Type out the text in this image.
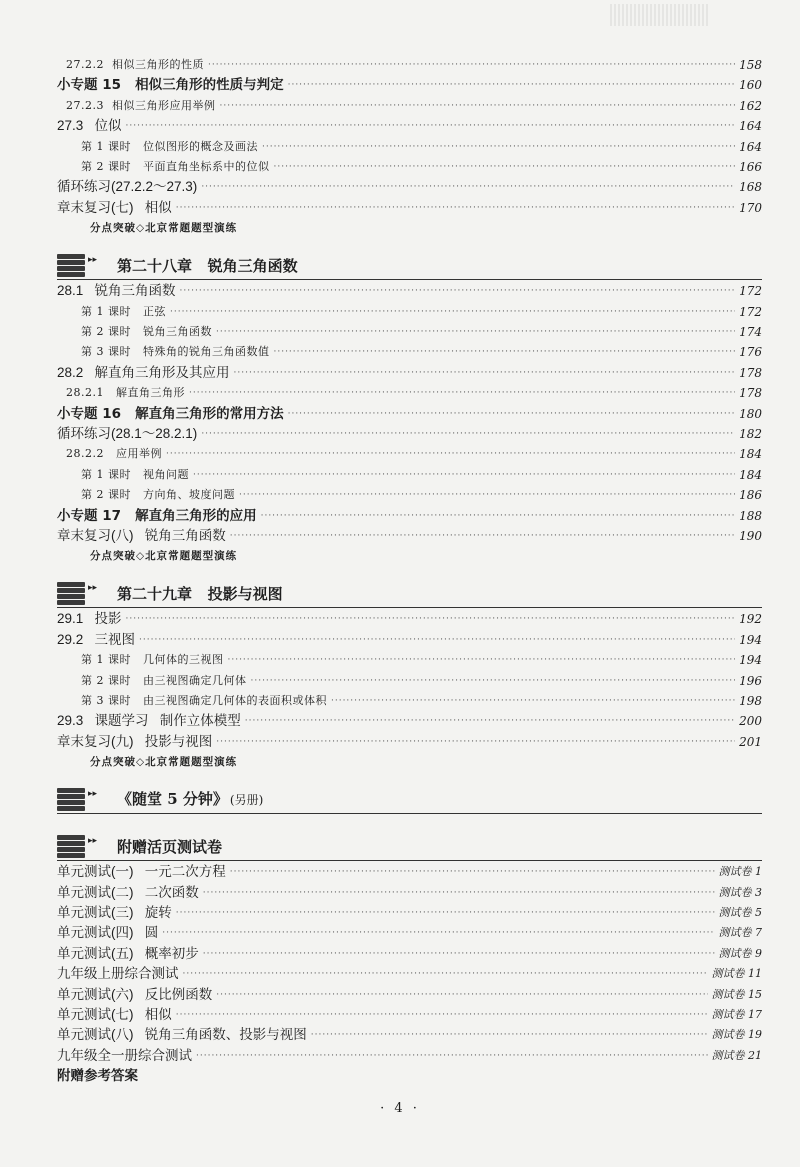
· 4 ·
27.2.2  相似三角形的性质 ·····	158
小专题 15   相似三角形的性质与判定 ·····	160
27.2.3  相似三角形应用举例 ·····	162
27.3   位似 ·····	164
第 1 课时   位似图形的概念及画法 ·····	164
第 2 课时   平面直角坐标系中的位似 ·····	166
循环练习(27.2.2～27.3) ·····	168
章末复习(七)   相似 ·····	170
分点突破◇北京常题题型演练
▸▸ 第二十八章   锐角三角函数
28.1   锐角三角函数 ·····	172
第 1 课时   正弦 ·····	172
第 2 课时   锐角三角函数 ·····	174
第 3 课时   特殊角的锐角三角函数值 ·····	176
28.2   解直角三角形及其应用 ·····	178
28.2.1   解直角三角形 ·····	178
小专题 16   解直角三角形的常用方法 ·····	180
循环练习(28.1～28.2.1) ·····	182
28.2.2   应用举例 ·····	184
第 1 课时   视角问题 ·····	184
第 2 课时   方向角、坡度问题 ·····	186
小专题 17   解直角三角形的应用 ·····	188
章末复习(八)   锐角三角函数 ·····	190
分点突破◇北京常题题型演练
▸▸ 第二十九章   投影与视图
29.1   投影 ·····	192
29.2   三视图 ·····	194
第 1 课时   几何体的三视图 ·····	194
第 2 课时   由三视图确定几何体 ·····	196
第 3 课时   由三视图确定几何体的表面积或体积 ·····	198
29.3   课题学习   制作立体模型 ·····	200
章末复习(九)   投影与视图 ·····	201
分点突破◇北京常题题型演练
▸▸ 《随堂 5 分钟》 (另册)
▸▸ 附赠活页测试卷
单元测试(一)   一元二次方程 ·····	测试卷 1
单元测试(二)   二次函数 ·····	测试卷 3
单元测试(三)   旋转 ·····	测试卷 5
单元测试(四)   圆 ·····	测试卷 7
单元测试(五)   概率初步 ·····	测试卷 9
九年级上册综合测试 ·····	测试卷 11
单元测试(六)   反比例函数 ·····	测试卷 15
单元测试(七)   相似 ·····	测试卷 17
单元测试(八)   锐角三角函数、投影与视图 ·····	测试卷 19
九年级全一册综合测试 ·····	测试卷 21
附赠参考答案
